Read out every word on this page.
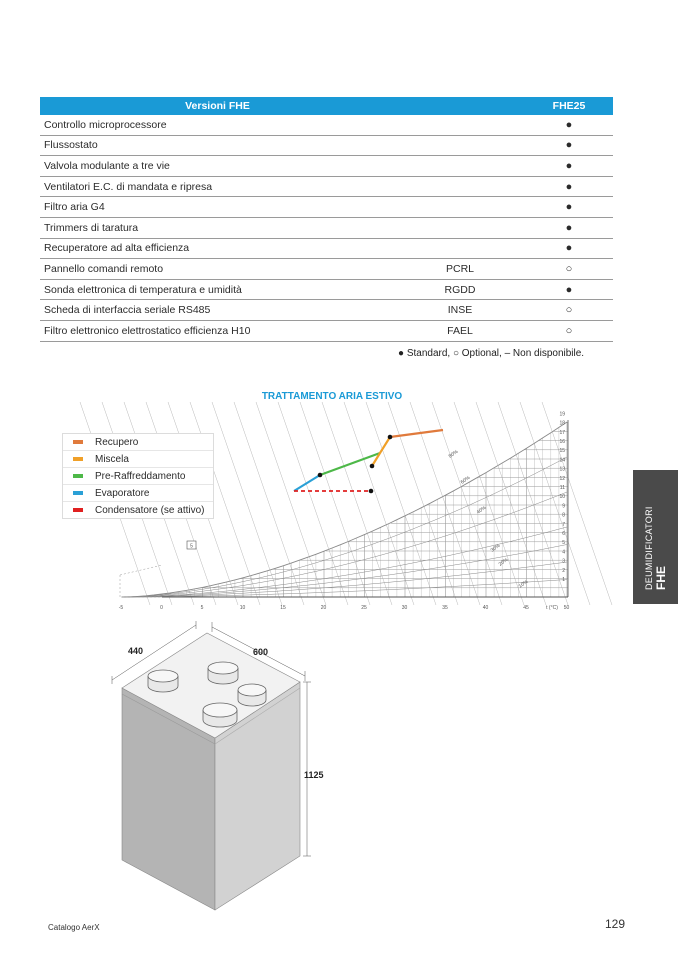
Versioni FHE		FHE25
Controllo microprocessore		●
Flussostato		●
Valvola modulante a tre vie		●
Ventilatori E.C. di mandata e ripresa		●
Filtro aria G4		●
Trimmers di taratura		●
Recuperatore ad alta efficienza		●
Pannello comandi remoto	PCRL	○
Sonda elettronica di temperatura e umidità	RGDD	●
Scheda di interfaccia seriale RS485	INSE	○
Filtro elettronico elettrostatico efficienza H10	FAEL	○
● Standard, ○ Optional, – Non disponibile.
TRATTAMENTO ARIA ESTIVO
-5	0	5	10	15	20	25	30	35	40	45	50
t (°C)
1
2
3
4
5
6
7
8
9
10
11
12
13
14
15
16
17
18
19
80%
60%
40%
30%
20%
10%
5
Recupero
Miscela
Pre-Raffreddamento
Evaporatore
Condensatore (se attivo)
440	600
1125
DEUMIDIFICATORI FHE
Catalogo AerX	129
